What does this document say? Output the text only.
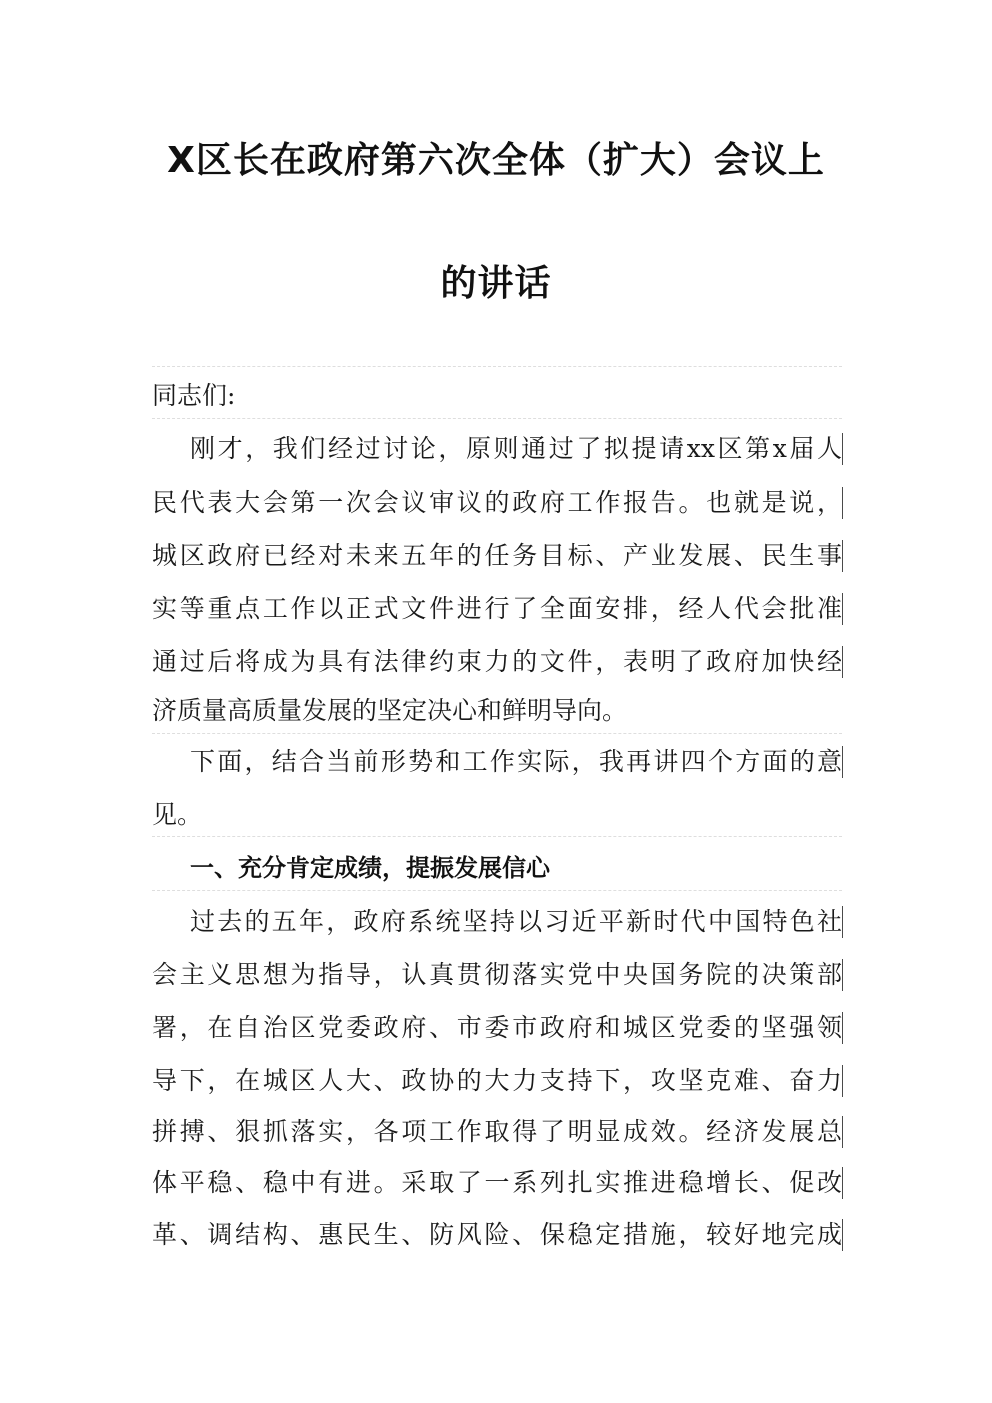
X区长在政府第六次全体（扩大）会议上
的讲话
同志们:
刚才，我们经过讨论，原则通过了拟提请xx区第x届人
民代表大会第一次会议审议的政府工作报告。也就是说，
城区政府已经对未来五年的任务目标、产业发展、民生事
实等重点工作以正式文件进行了全面安排，经人代会批准
通过后将成为具有法律约束力的文件，表明了政府加快经
济质量高质量发展的坚定决心和鲜明导向。
下面，结合当前形势和工作实际，我再讲四个方面的意
见。
一、充分肯定成绩，提振发展信心
过去的五年，政府系统坚持以习近平新时代中国特色社
会主义思想为指导，认真贯彻落实党中央国务院的决策部
署，在自治区党委政府、市委市政府和城区党委的坚强领
导下，在城区人大、政协的大力支持下，攻坚克难、奋力
拼搏、狠抓落实，各项工作取得了明显成效。经济发展总
体平稳、稳中有进。采取了一系列扎实推进稳增长、促改
革、调结构、惠民生、防风险、保稳定措施，较好地完成
